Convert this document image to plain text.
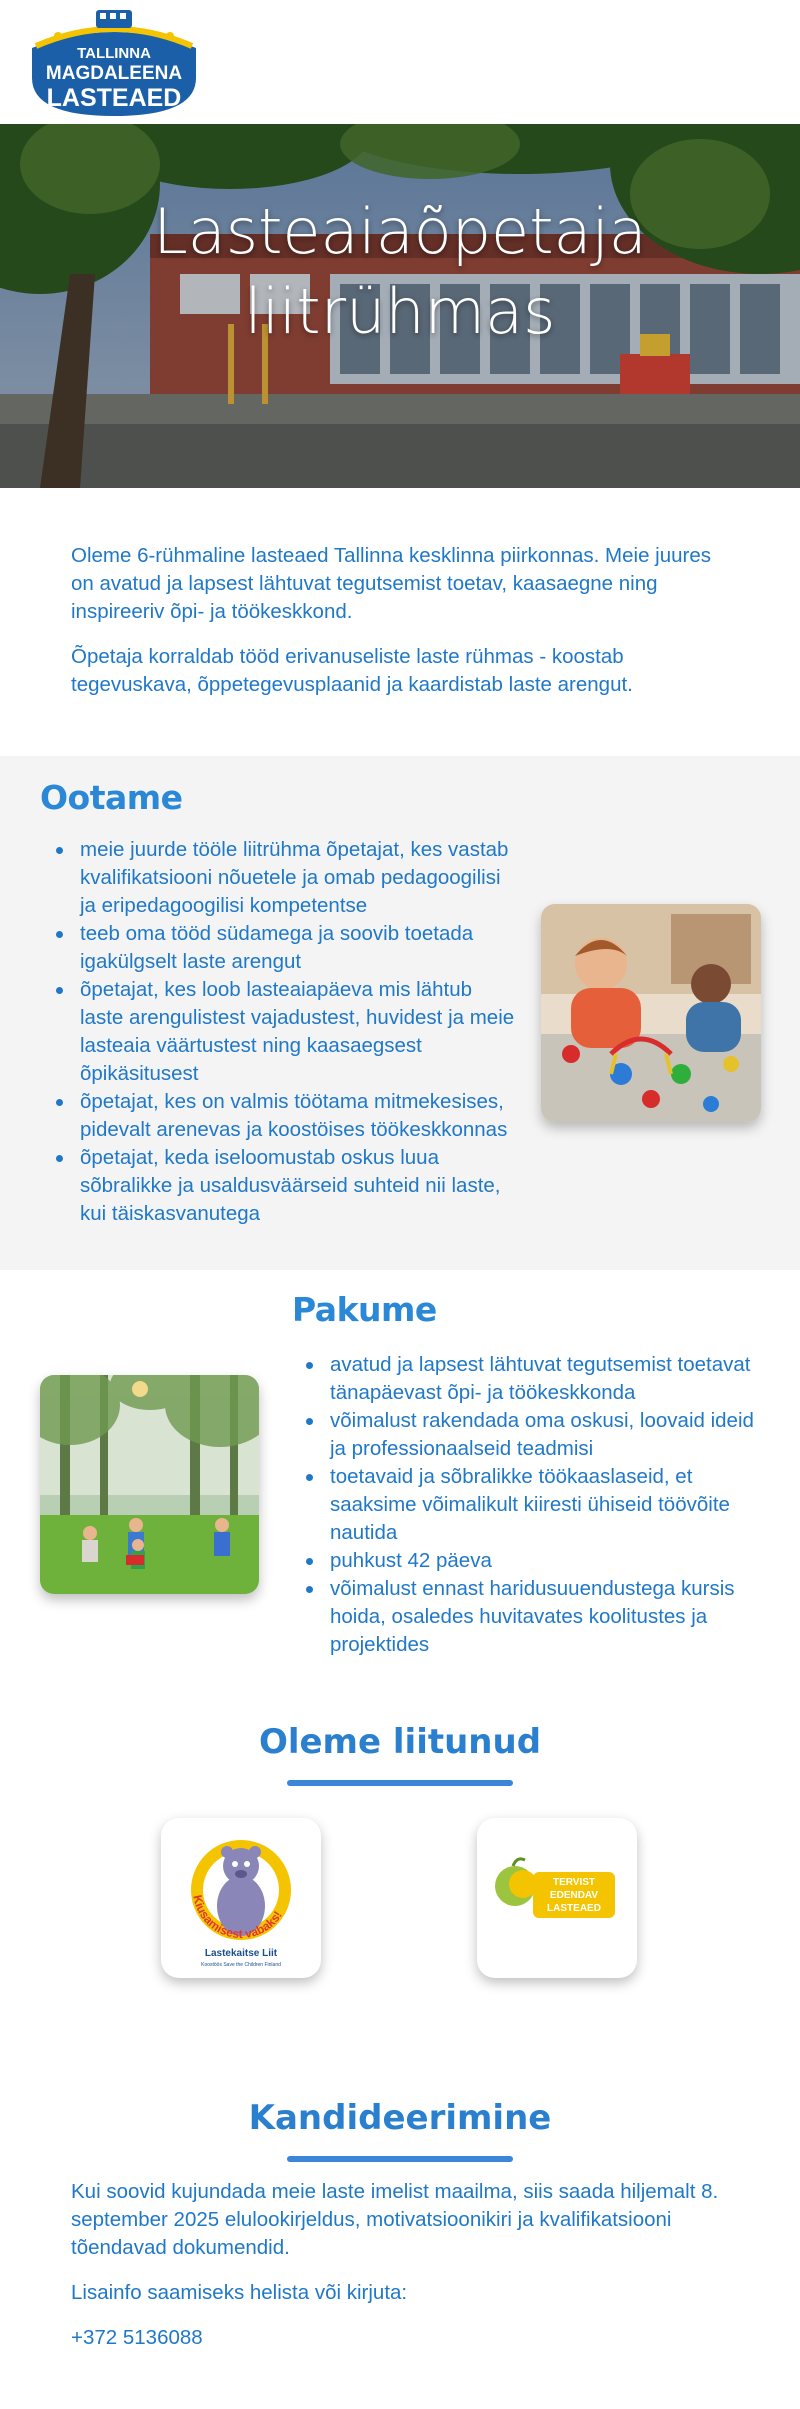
TALLINNA
MAGDALEENA
LASTEAED
Lasteaiaõpetaja
liitrühmas

Oleme 6-rühmaline lasteaed Tallinna kesklinna piirkonnas. Meie juures on avatud ja lapsest lähtuvat tegutsemist toetav, kaasaegne ning inspireeriv õpi- ja töökeskkond.

Õpetaja korraldab tööd erivanuseliste laste rühmas - koostab tegevuskava, õppetegevusplaanid ja kaardistab laste arengut.

Ootame
meie juurde tööle liitrühma õpetajat, kes vastab kvalifikatsiooni nõuetele ja omab pedagoogilisi ja eripedagoogilisi kompetentse
teeb oma tööd südamega ja soovib toetada igakülgselt laste arengut
õpetajat, kes loob lasteaiapäeva mis lähtub laste arengulistest vajadustest, huvidest ja meie lasteaia väärtustest ning kaasaegsest õpikäsitusest
õpetajat, kes on valmis töötama mitmekesises, pidevalt arenevas ja koostöises töökeskkonnas
õpetajat, keda iseloomustab oskus luua sõbralikke ja usaldusväärseid suhteid nii laste, kui täiskasvanutega
Pakume
avatud ja lapsest lähtuvat tegutsemist toetavat tänapäevast õpi- ja töökeskkonda
võimalust rakendada oma oskusi, loovaid ideid ja professionaalseid teadmisi
toetavaid ja sõbralikke töökaaslaseid, et saaksime võimalikult kiiresti ühiseid töövõite nautida
puhkust 42 päeva
võimalust ennast haridusuuendustega kursis hoida, osaledes huvitavates koolitustes ja projektides
Oleme liitunud
Kiusamisest vabaks!
Lastekaitse Liit
Koostöös Save the Children Finland
TERVIST
EDENDAV
LASTEAED
Kandideerimine

Kui soovid kujundada meie laste imelist maailma, siis saada hiljemalt 8. september 2025 elulookirjeldus, motivatsioonikiri ja kvalifikatsiooni tõendavad dokumendid.

Lisainfo saamiseks helista või kirjuta:

+372 5136088
